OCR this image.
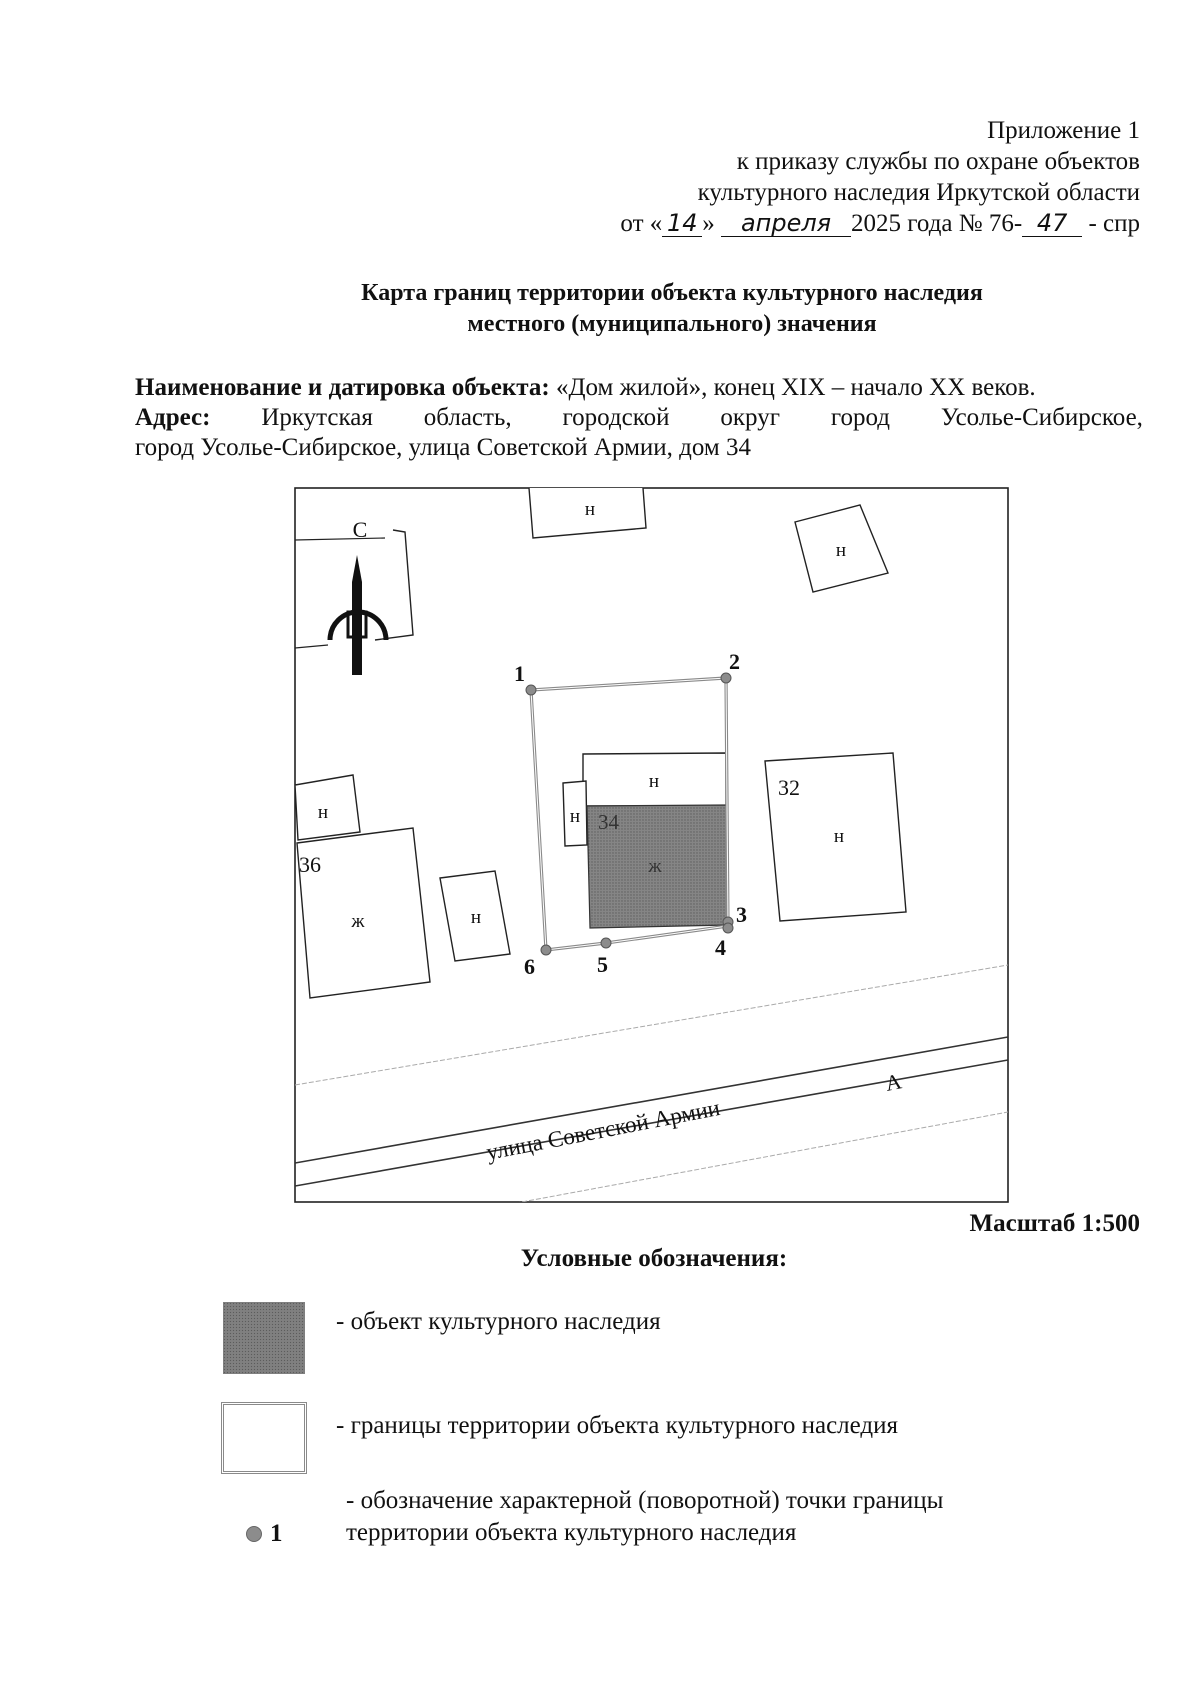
Приложение 1
к приказу службы по охране объектов
культурного наследия Иркутской области
от « 14 » апреля 2025 года № 76- 47 - спр
Карта границ территории объекта культурного наследия
местного (муниципального) значения
Наименование и датировка объекта: «Дом жилой», конец XIX – начало XX веков.
Адрес: Иркутская область, городской округ город Усолье-Сибирское,
город Усолье-Сибирское, улица Советской Армии, дом 34
С
н
н
н
н
н
н
н
ж
ж
32
34
36
1	2
3
4
5
6
улица Советской Армии
А
Масштаб 1:500
Условные обозначения:
- объект культурного наследия
- границы территории объекта культурного наследия
1
- обозначение характерной (поворотной) точки границы
территории объекта культурного наследия
